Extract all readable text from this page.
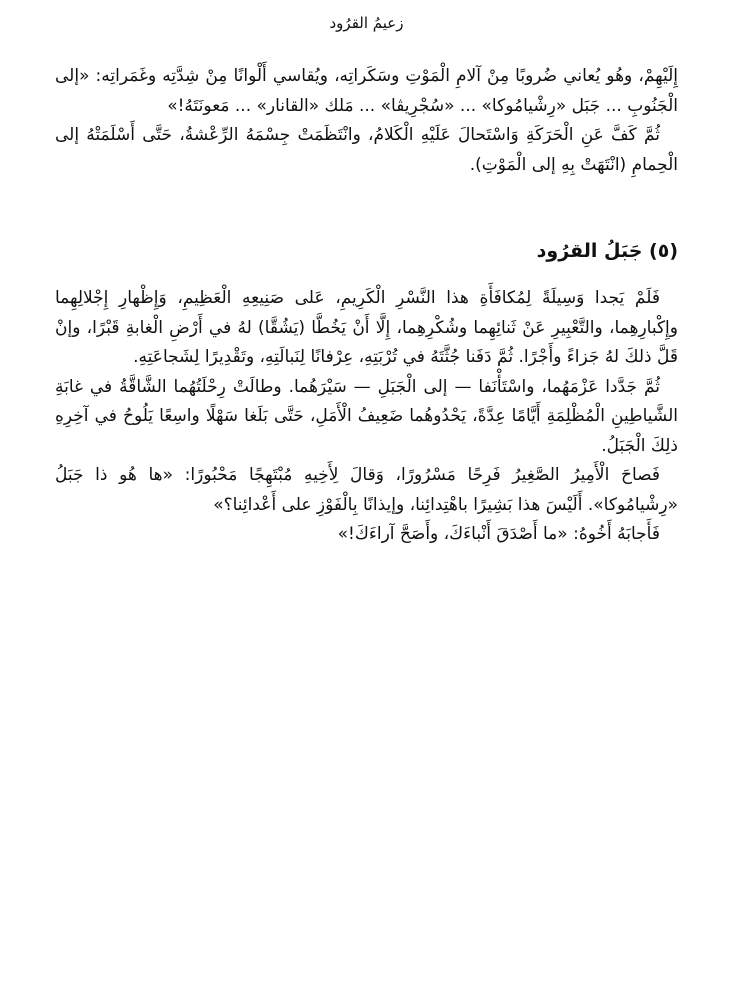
زعيمُ القرُود

إِلَيْهِمْ، وهُو يُعاني ضُروبًا مِنْ آلامِ الْمَوْتِ وسَكَراتِه، ويُقاسي أَلْوانًا مِنْ شِدَّتِه وغَمَراتِه: «إلى الْجَنُوبِ ... جَبَل «رِشْيامُوكا» ... «سُجْرِيڤا» ... مَلك «القانار» ... مَعونَتَهُ!»

ثُمَّ كَفَّ عَنِ الْحَرَكَةِ وَاسْتَحالَ عَلَيْهِ الْكَلامُ، وانْتَظَمَتْ جِسْمَهُ الرِّعْشةُ، حَتَّى أَسْلَمَتْهُ إلى الْحِمامِ (انْتَهَتْ بِهِ إلى الْمَوْتِ).

(٥) جَبَلُ القرُود

فَلَمْ يَجدا وَسِيلَةً لِمُكافَأَةِ هذا النَّسْرِ الْكَرِيمِ، عَلى صَنِيعِهِ الْعَظِيمِ، وَإِظْهارِ إِجْلالِهِما وإِكْبارِهِما، والتَّعْبِيرِ عَنْ ثَنائِهِما وشُكْرِهِما، إِلَّا أَنْ يَخُطَّا (يَشُقَّا) لهُ في أَرْضِ الْغابةِ قَبْرًا، وإنْ قَلَّ ذلكَ لهُ جَزاءً وأَجْرًا. ثُمَّ دَفَنا جُثَّتَهُ في تُرْبَتِهِ، عِرْفانًا لِنَبالَتِهِ، وتَقْدِيرًا لِشَجاعَتِهِ.

ثُمَّ جَدَّدا عَزْمَهُما، واسْتَأْنَفا — إلى الْجَبَلِ — سَيْرَهُما. وطالَتْ رِحْلَتُهُما الشَّاقَّةُ في غابَةِ الشَّياطِينِ الْمُظْلِمَةِ أَيَّامًا عِدَّةً، يَحْدُوهُما ضَعِيفُ الْأَمَلِ، حَتَّى بَلَغا سَهْلًا واسِعًا يَلُوحُ في آخِرِهِ ذلِكَ الْجَبَلُ.

فَصاحَ الْأَمِيرُ الصَّغِيرُ فَرِحًا مَسْرُورًا، وَقالَ لِأَخِيهِ مُبْتَهِجًا مَحْبُورًا: «ها هُو ذا جَبَلُ «رِشْيامُوكا». أَلَيْسَ هذا بَشِيرًا باهْتِدائِنا، وإيذانًا بِالْفَوْزِ على أَعْدائِنا؟»

فَأَجابَهُ أَخُوهُ: «ما أَصْدَقَ أَنْباءَكَ، وأَصَحَّ آراءَكَ!»
